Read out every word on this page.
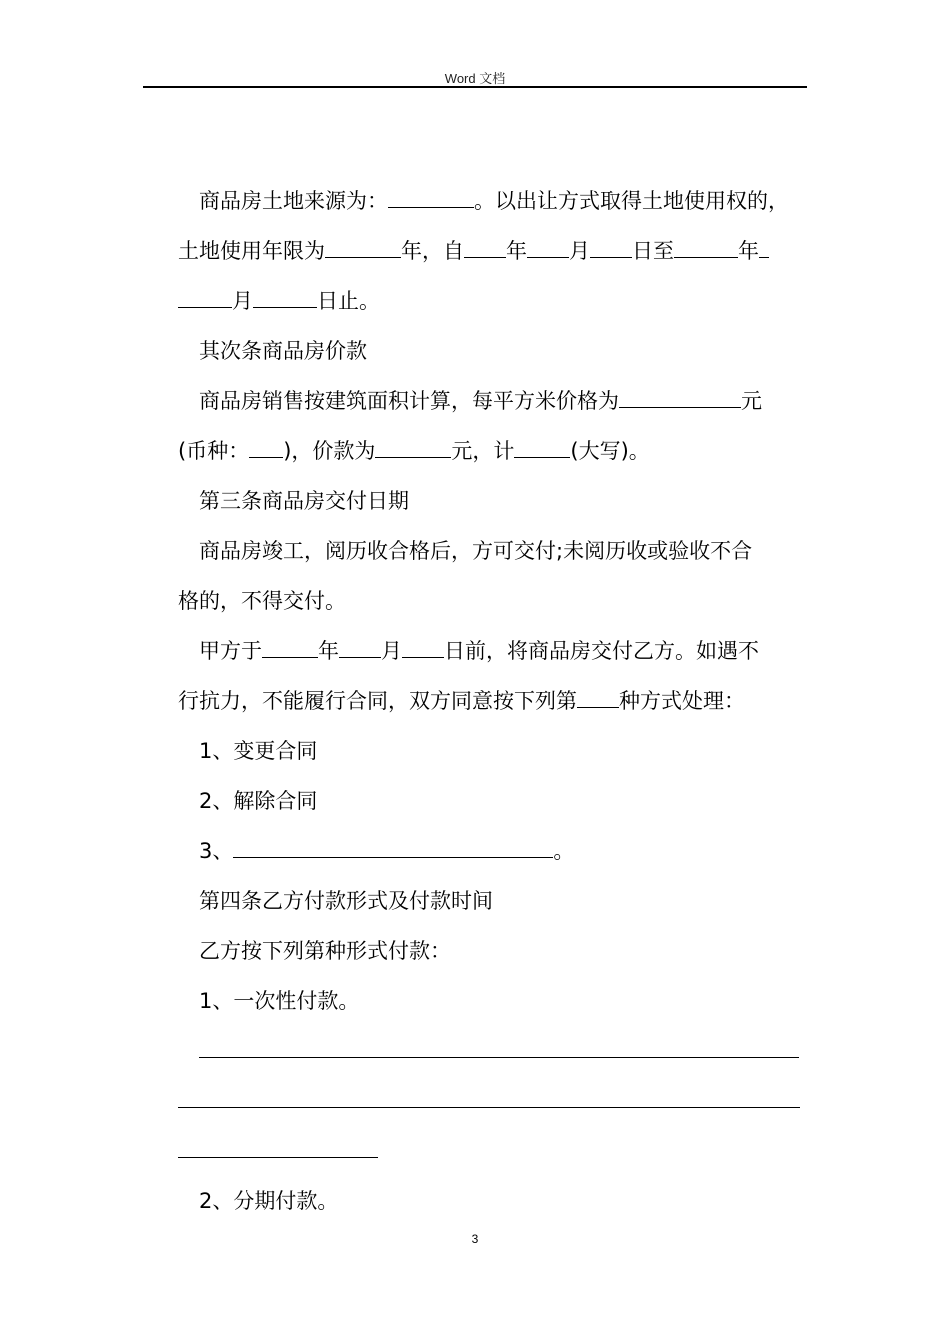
Word 文档
商品房土地来源为：	。以出让方式取得土地使用权的，
土地使用年限为	年，自 年 月 日至	年
月	日止。
其次条商品房价款
商品房销售按建筑面积计算，每平方米价格为	元
(币种： )，价款为	元，计	(大写)。
第三条商品房交付日期
商品房竣工，阅历收合格后，方可交付;未阅历收或验收不合
格的，不得交付。
甲方于	年 月 日前，将商品房交付乙方。如遇不
行抗力，不能履行合同，双方同意按下列第 种方式处理：
1、变更合同
2、解除合同
3、	。
第四条乙方付款形式及付款时间
乙方按下列第种形式付款：
1、一次性付款。
2、分期付款。
3
